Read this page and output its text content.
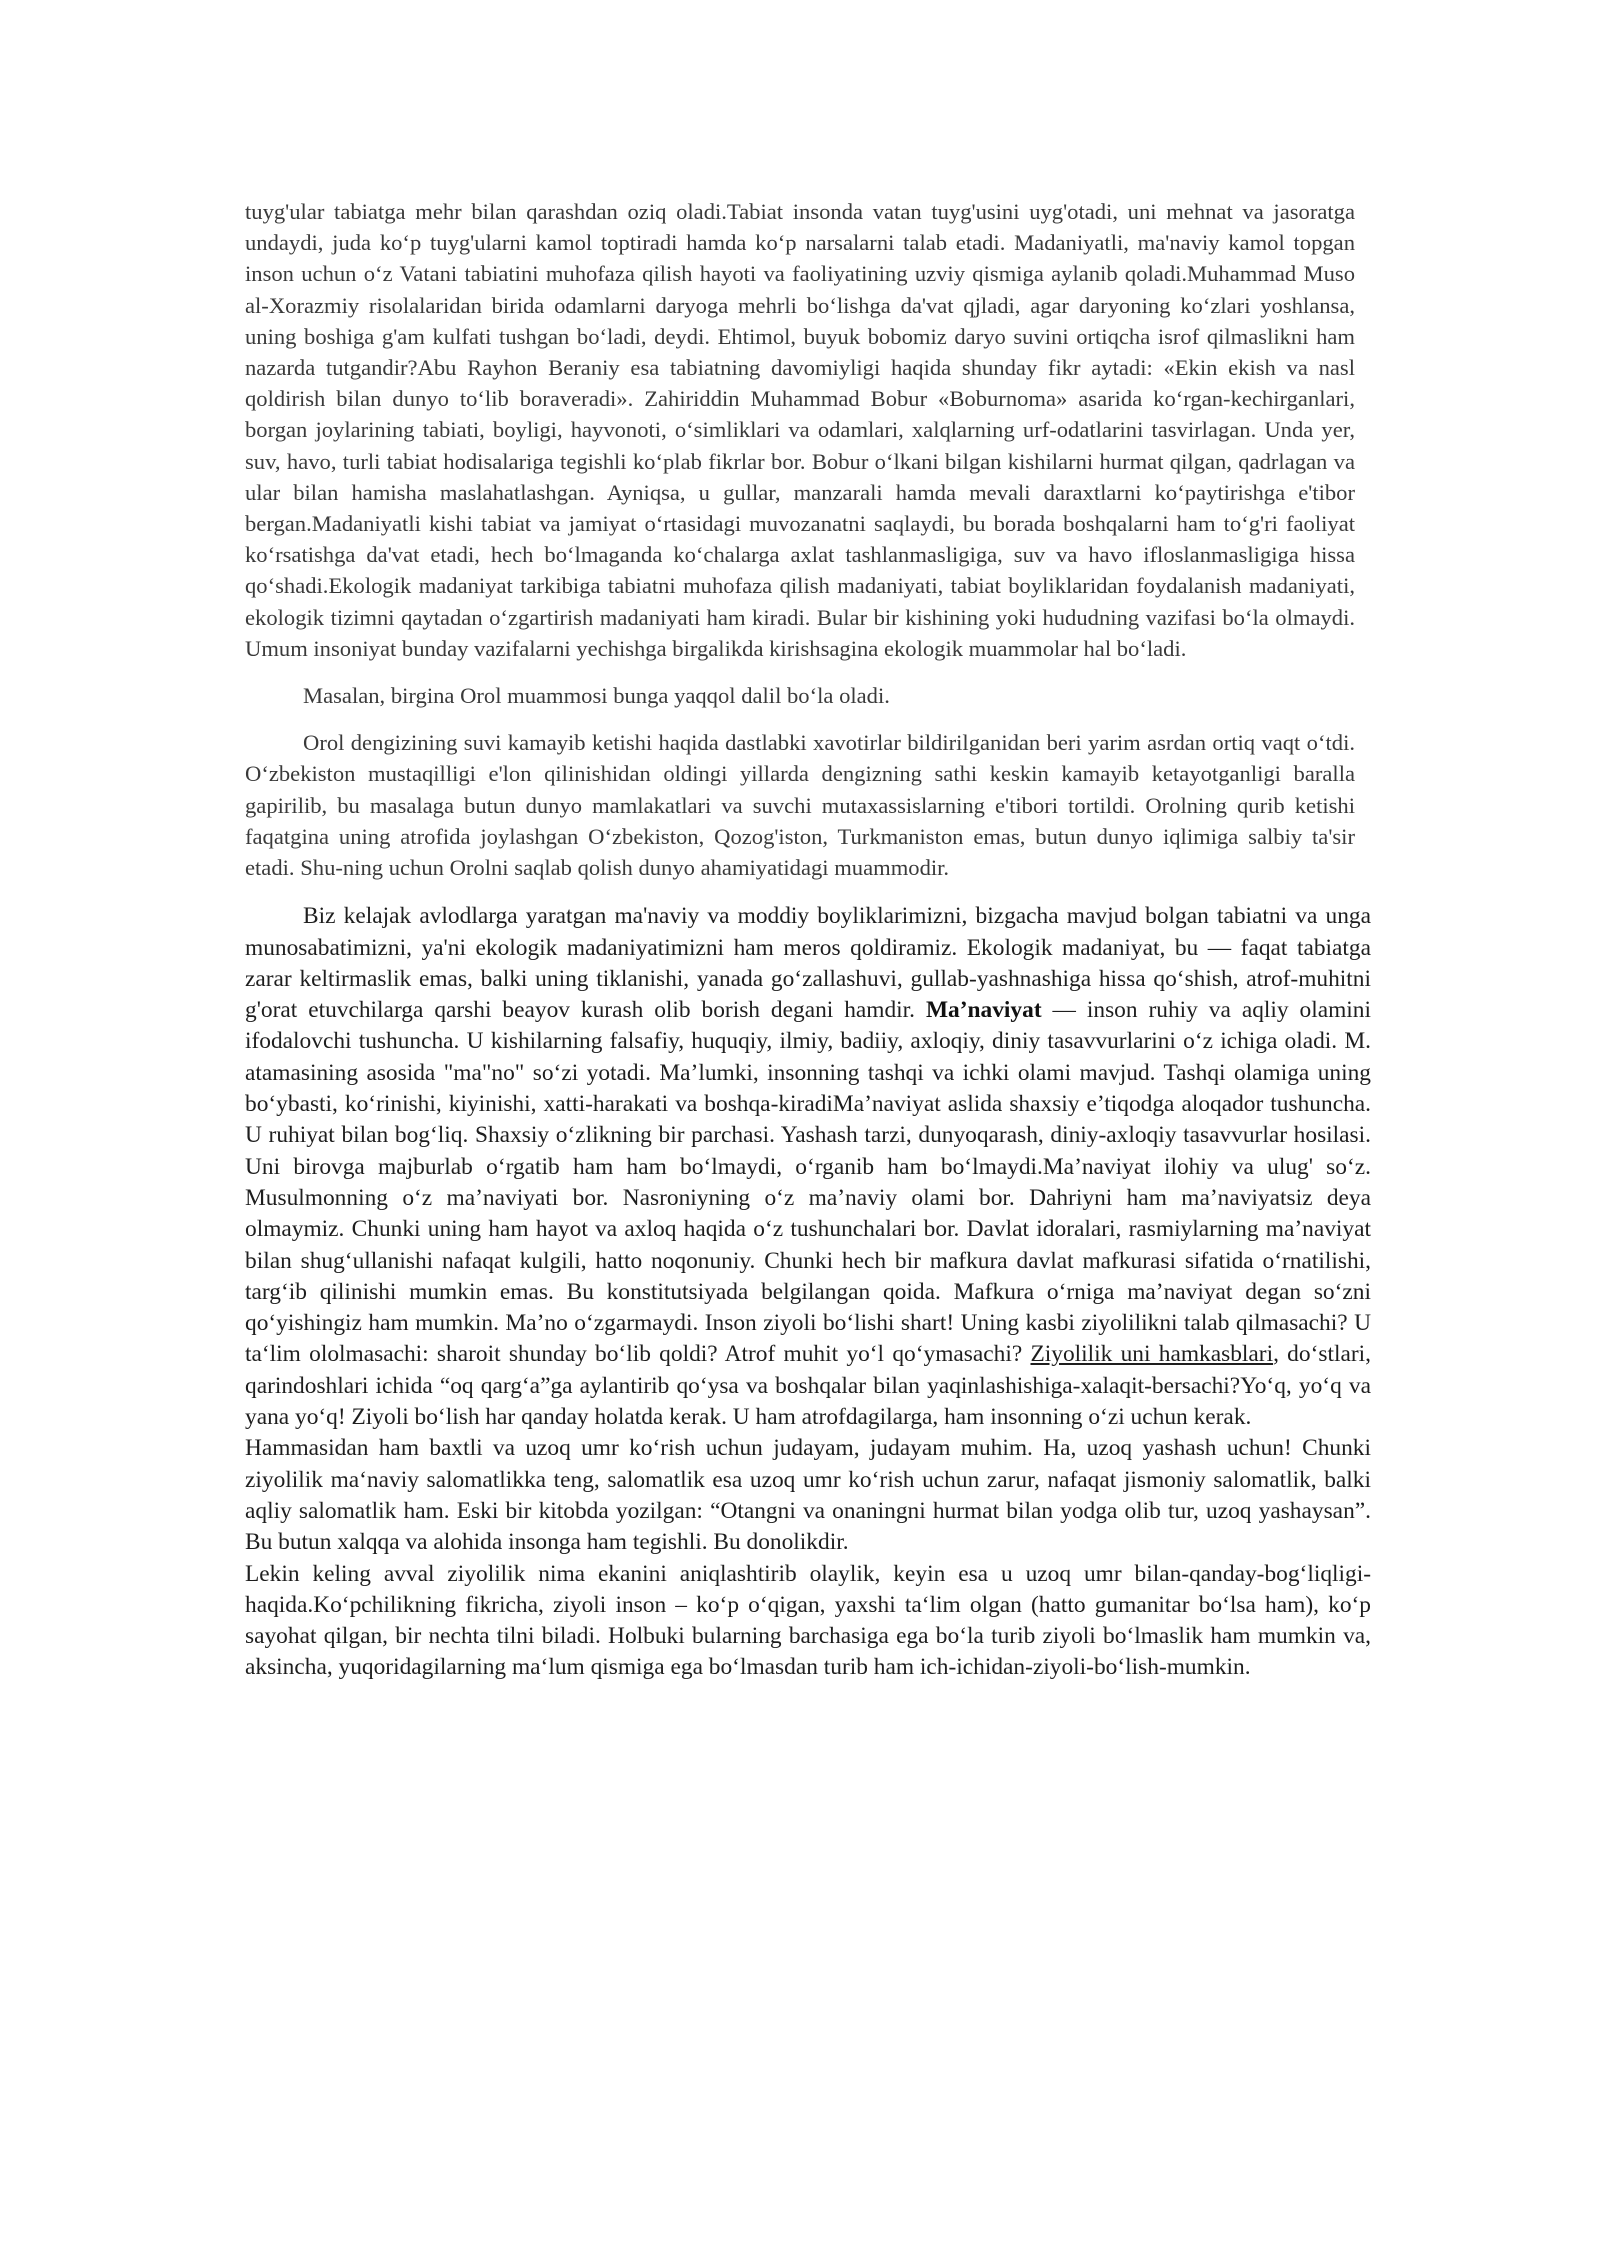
tuyg'ular tabiatga mehr bilan qarashdan oziq oladi.Tabiat insonda vatan tuyg'usini uyg'otadi, uni mehnat va jasoratga undaydi, juda ko‘p tuyg'ularni kamol toptiradi hamda ko‘p narsalarni talab etadi. Madaniyatli, ma'naviy kamol topgan inson uchun o‘z Vatani tabiatini muhofaza qilish hayoti va faoliyatining uzviy qismiga aylanib qoladi.Muhammad Muso al-Xorazmiy risolalaridan birida odamlarni daryoga mehrli bo‘lishga da'vat qjladi, agar daryoning ko‘zlari yoshlansa, uning boshiga g'am kulfati tushgan bo‘ladi, deydi. Ehtimol, buyuk bobomiz daryo suvini ortiqcha isrof qilmaslikni ham nazarda tutgandir?Abu Rayhon Beraniy esa tabiatning davomiyligi haqida shunday fikr aytadi: «Ekin ekish va nasl qoldirish bilan dunyo to‘lib boraveradi». Zahiriddin Muhammad Bobur «Boburnoma» asarida ko‘rgan-kechirganlari, borgan joylarining tabiati, boyligi, hayvonoti, o‘simliklari va odamlari, xalqlarning urf-odatlarini tasvirlagan. Unda yer, suv, havo, turli tabiat hodisalariga tegishli ko‘plab fikrlar bor. Bobur o‘lkani bilgan kishilarni hurmat qilgan, qadrlagan va ular bilan hamisha maslahatlashgan. Ayniqsa, u gullar, manzarali hamda mevali daraxtlarni ko‘paytirishga e'tibor bergan.Madaniyatli kishi tabiat va jamiyat o‘rtasidagi muvozanatni saqlaydi, bu borada boshqalarni ham to‘g'ri faoliyat ko‘rsatishga da'vat etadi, hech bo‘lmaganda ko‘chalarga axlat tashlanmasligiga, suv va havo ifloslanmasligiga hissa qo‘shadi.Ekologik madaniyat tarkibiga tabiatni muhofaza qilish madaniyati, tabiat boyliklaridan foydalanish madaniyati, ekologik tizimni qaytadan o‘zgartirish madaniyati ham kiradi. Bular bir kishining yoki hududning vazifasi bo‘la olmaydi. Umum insoniyat bunday vazifalarni yechishga birgalikda kirishsagina ekologik muammolar hal bo‘ladi.

Masalan, birgina Orol muammosi bunga yaqqol dalil bo‘la oladi.

Orol dengizining suvi kamayib ketishi haqida dastlabki xavotirlar bildirilganidan beri yarim asrdan ortiq vaqt o‘tdi. O‘zbekiston mustaqilligi e'lon qilinishidan oldingi yillarda dengizning sathi keskin kamayib ketayotganligi baralla gapirilib, bu masalaga butun dunyo mamlakatlari va suvchi mutaxassislarning e'tibori tortildi. Orolning qurib ketishi faqatgina uning atrofida joylashgan O‘zbekiston, Qozog'iston, Turkmaniston emas, butun dunyo iqlimiga salbiy ta'sir etadi. Shu-ning uchun Orolni saqlab qolish dunyo ahamiyatidagi muammodir.

Biz kelajak avlodlarga yaratgan ma'naviy va moddiy boyliklarimizni, bizgacha mavjud bolgan tabiatni va unga munosabatimizni, ya'ni ekologik madaniyatimizni ham meros qoldiramiz. Ekologik madaniyat, bu — faqat tabiatga zarar keltirmaslik emas, balki uning tiklanishi, yanada go‘zallashuvi, gullab-yashnashiga hissa qo‘shish, atrof-muhitni g'orat etuvchilarga qarshi beayov kurash olib borish degani hamdir. Ma’naviyat — inson ruhiy va aqliy olamini ifodalovchi tushuncha. U kishilarning falsafiy, huquqiy, ilmiy, badiiy, axloqiy, diniy tasavvurlarini o‘z ichiga oladi. M. atamasining asosida "ma"no" so‘zi yotadi. Ma’lumki, insonning tashqi va ichki olami mavjud. Tashqi olamiga uning bo‘ybasti, ko‘rinishi, kiyinishi, xatti-harakati va boshqa-kiradiMa’naviyat aslida shaxsiy e’tiqodga aloqador tushuncha. U ruhiyat bilan bog‘liq. Shaxsiy o‘zlikning bir parchasi. Yashash tarzi, dunyoqarash, diniy-axloqiy tasavvurlar hosilasi. Uni birovga majburlab o‘rgatib ham ham bo‘lmaydi, o‘rganib ham bo‘lmaydi.Ma’naviyat ilohiy va ulug' so‘z. Musulmonning o‘z ma’naviyati bor. Nasroniyning o‘z ma’naviy olami bor. Dahriyni ham ma’naviyatsiz deya olmaymiz. Chunki uning ham hayot va axloq haqida o‘z tushunchalari bor. Davlat idoralari, rasmiylarning ma’naviyat bilan shug‘ullanishi nafaqat kulgili, hatto noqonuniy. Chunki hech bir mafkura davlat mafkurasi sifatida o‘rnatilishi, targ‘ib qilinishi mumkin emas. Bu konstitutsiyada belgilangan qoida. Mafkura o‘rniga ma’naviyat degan so‘zni qo‘yishingiz ham mumkin. Ma’no o‘zgarmaydi. Inson ziyoli bo‘lishi shart! Uning kasbi ziyolilikni talab qilmasachi? U ta‘lim ololmasachi: sharoit shunday bo‘lib qoldi? Atrof muhit yo‘l qo‘ymasachi? Ziyolilik uni hamkasblari, do‘stlari, qarindoshlari ichida “oq qarg‘a”ga aylantirib qo‘ysa va boshqalar bilan yaqinlashishiga-xalaqit-bersachi?Yo‘q, yo‘q va yana yo‘q! Ziyoli bo‘lish har qanday holatda kerak. U ham atrofdagilarga, ham insonning o‘zi uchun kerak.

Hammasidan ham baxtli va uzoq umr ko‘rish uchun judayam, judayam muhim. Ha, uzoq yashash uchun! Chunki ziyolilik ma‘naviy salomatlikka teng, salomatlik esa uzoq umr ko‘rish uchun zarur, nafaqat jismoniy salomatlik, balki aqliy salomatlik ham. Eski bir kitobda yozilgan: “Otangni va onaningni hurmat bilan yodga olib tur, uzoq yashaysan”. Bu butun xalqqa va alohida insonga ham tegishli. Bu donolikdir.

Lekin keling avval ziyolilik nima ekanini aniqlashtirib olaylik, keyin esa u uzoq umr bilan-qanday-bog‘liqligi-haqida.Ko‘pchilikning fikricha, ziyoli inson – ko‘p o‘qigan, yaxshi ta‘lim olgan (hatto gumanitar bo‘lsa ham), ko‘p sayohat qilgan, bir nechta tilni biladi. Holbuki bularning barchasiga ega bo‘la turib ziyoli bo‘lmaslik ham mumkin va, aksincha, yuqoridagilarning ma‘lum qismiga ega bo‘lmasdan turib ham ich-ichidan-ziyoli-bo‘lish-mumkin.
